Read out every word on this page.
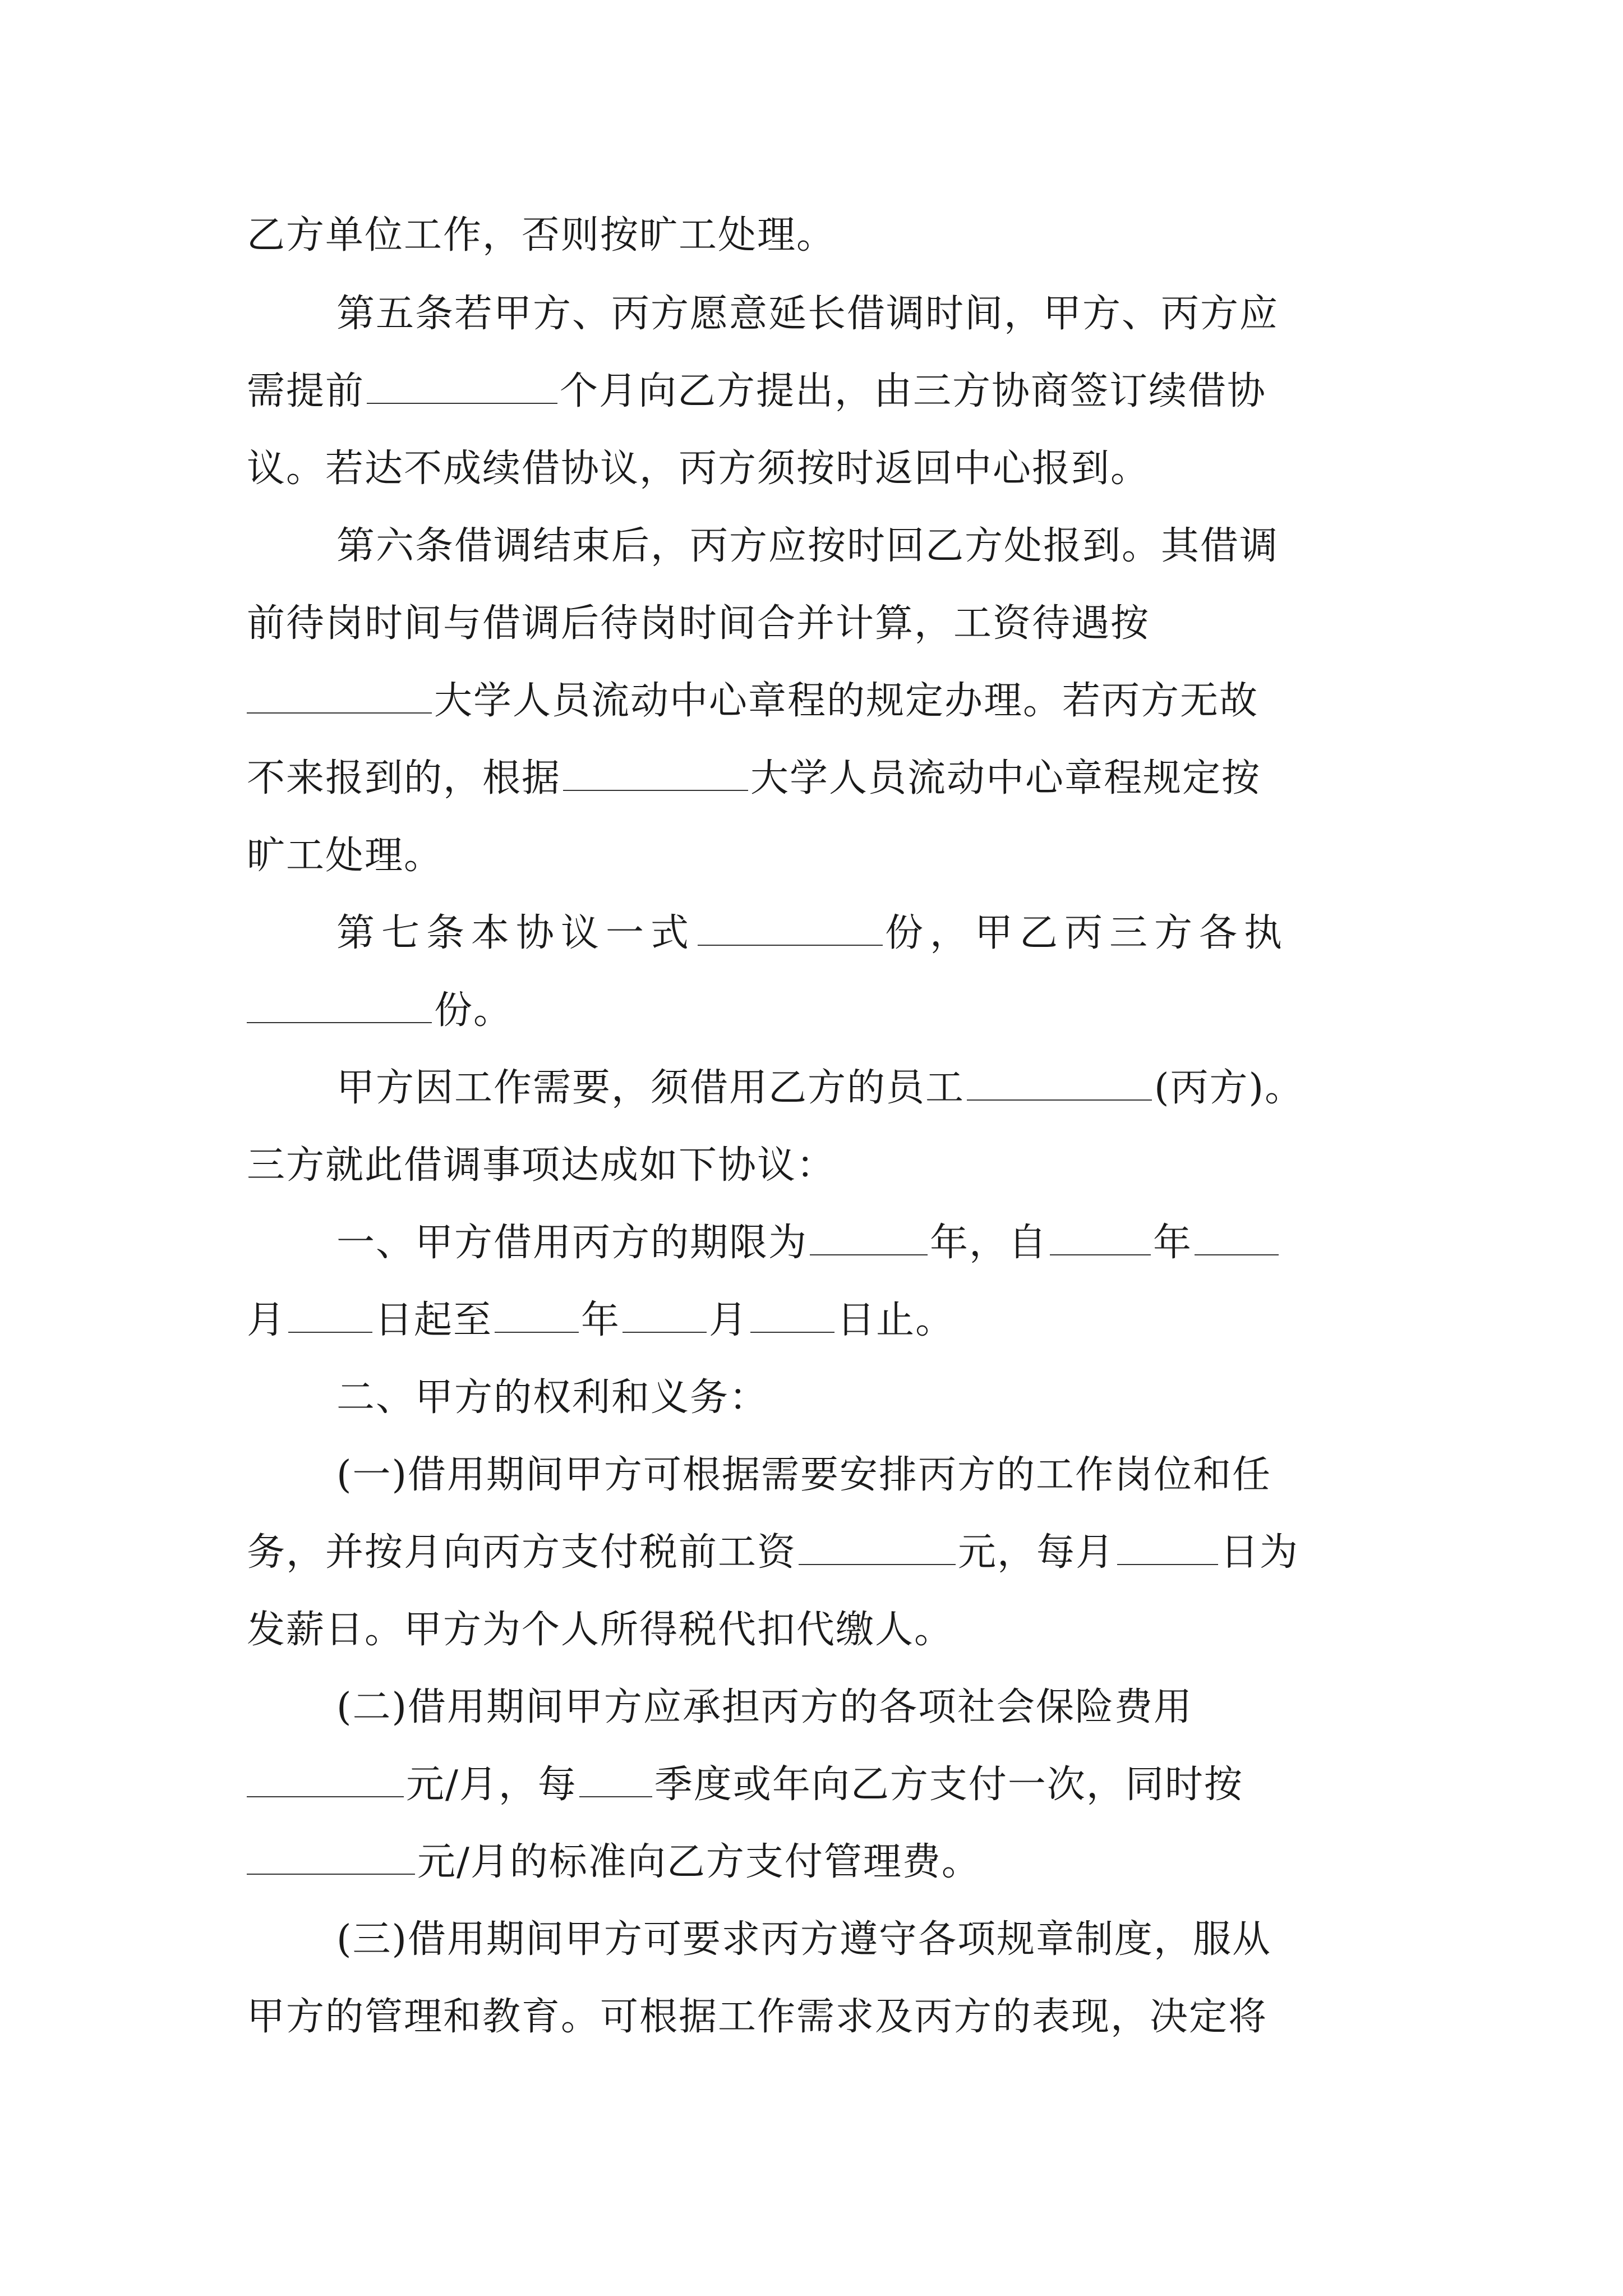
乙方单位工作，否则按旷工处理。
第五条若甲方、丙方愿意延长借调时间，甲方、丙方应
需提前	个月向乙方提出，由三方协商签订续借协
议。若达不成续借协议，丙方须按时返回中心报到。
第六条借调结束后，丙方应按时回乙方处报到。其借调
前待岗时间与借调后待岗时间合并计算，工资待遇按
大学人员流动中心章程的规定办理。若丙方无故
不来报到的，根据	大学人员流动中心章程规定按
旷工处理。
第七条本协议一式	份，甲乙丙三方各执
份。
甲方因工作需要，须借用乙方的员工	(丙方)。
三方就此借调事项达成如下协议：
一、甲方借用丙方的期限为	年，自	年
月 日起至 年 月 日止。
二、甲方的权利和义务：
(一)借用期间甲方可根据需要安排丙方的工作岗位和任
务，并按月向丙方支付税前工资	元，每月	日为
发薪日。甲方为个人所得税代扣代缴人。
(二)借用期间甲方应承担丙方的各项社会保险费用
元/月，每 季度或年向乙方支付一次，同时按
元/月的标准向乙方支付管理费。
(三)借用期间甲方可要求丙方遵守各项规章制度，服从
甲方的管理和教育。可根据工作需求及丙方的表现，决定将
